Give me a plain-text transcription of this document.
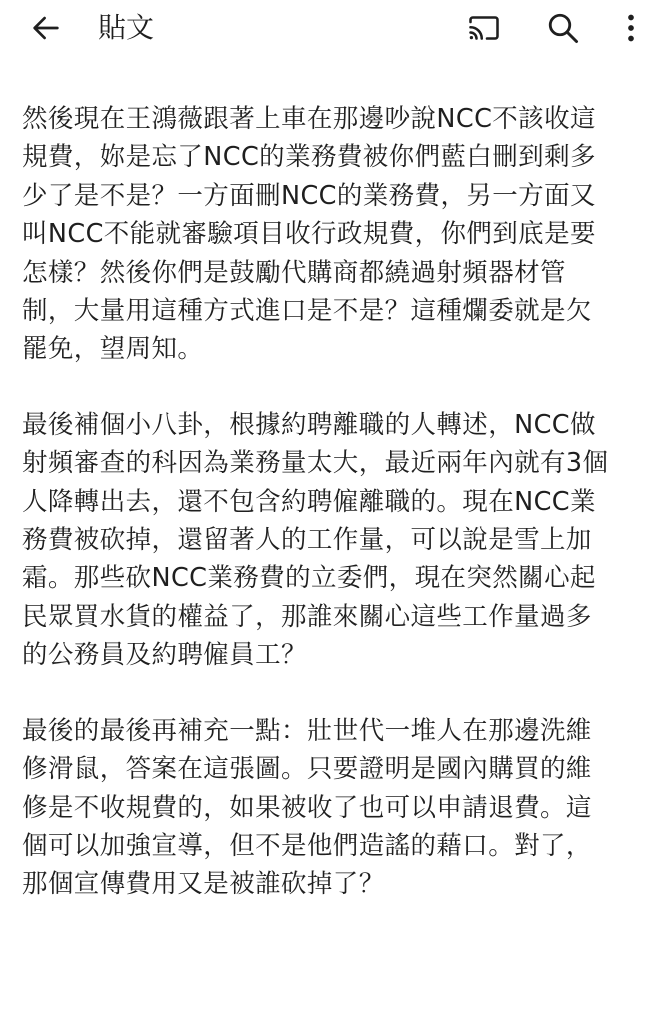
貼文

然後現在王鴻薇跟著上車在那邊吵說NCC不該收這
規費，妳是忘了NCC的業務費被你們藍白刪到剩多
少了是不是？一方面刪NCC的業務費，另一方面又
叫NCC不能就審驗項目收行政規費，你們到底是要
怎樣？然後你們是鼓勵代購商都繞過射頻器材管
制，大量用這種方式進口是不是？這種爛委就是欠
罷免，望周知。

最後補個小八卦，根據約聘離職的人轉述，NCC做
射頻審查的科因為業務量太大，最近兩年內就有3個
人降轉出去，還不包含約聘僱離職的。現在NCC業
務費被砍掉，還留著人的工作量，可以說是雪上加
霜。那些砍NCC業務費的立委們，現在突然關心起
民眾買水貨的權益了，那誰來關心這些工作量過多
的公務員及約聘僱員工？

最後的最後再補充一點：壯世代一堆人在那邊洗維
修滑鼠，答案在這張圖。只要證明是國內購買的維
修是不收規費的，如果被收了也可以申請退費。這
個可以加強宣導，但不是他們造謠的藉口。對了，
那個宣傳費用又是被誰砍掉了？
